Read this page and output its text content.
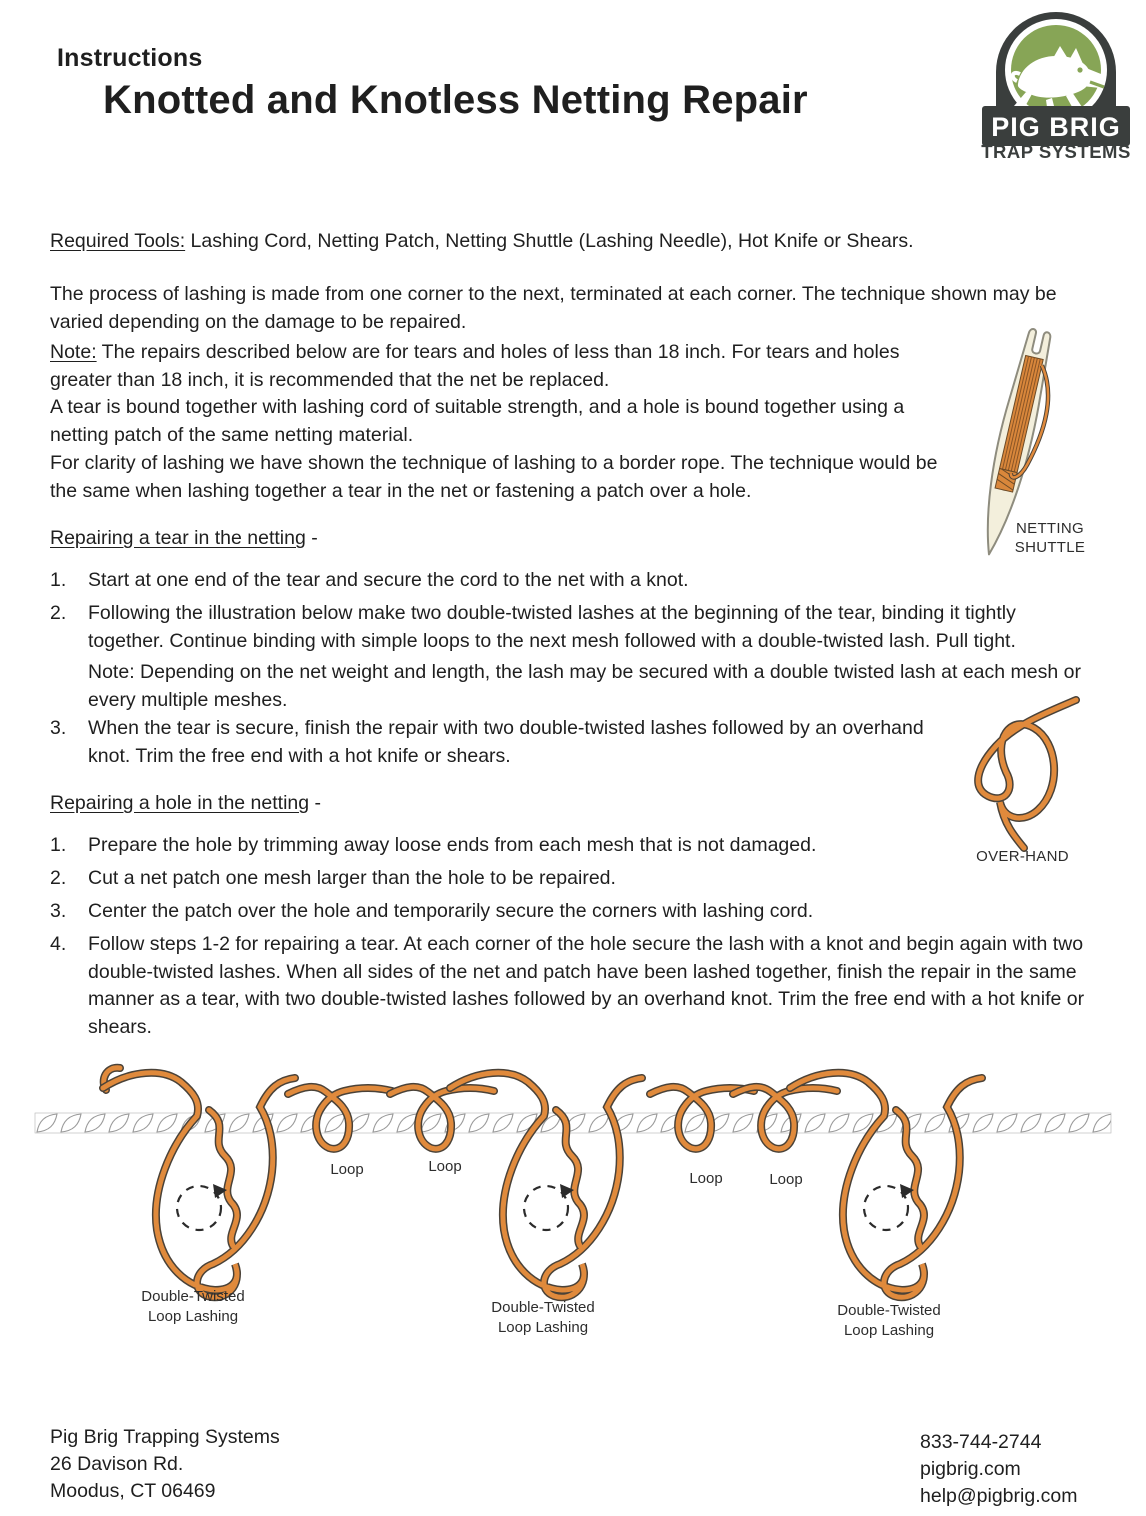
Instructions
Knotted and Knotless Netting Repair
PIG BRIG
TRAP SYSTEMS
Required Tools: Lashing Cord, Netting Patch, Netting Shuttle (Lashing Needle), Hot Knife or Shears.
The process of lashing is made from one corner to the next, terminated at each corner. The technique shown may be varied depending on the damage to be repaired.
Note: The repairs described below are for tears and holes of less than 18 inch. For tears and holes greater than 18 inch, it is recommended that the net be replaced.
A tear is bound together with lashing cord of suitable strength, and a hole is bound together using a netting patch of the same netting material.
For clarity of lashing we have shown the technique of lashing to a border rope. The technique would be the same when lashing together a tear in the net or fastening a patch over a hole.
NETTING
SHUTTLE
Repairing a tear in the netting -
1.	Start at one end of the tear and secure the cord to the net with a knot.
2.	Following the illustration below make two double-twisted lashes at the beginning of the tear, binding it tightly together. Continue binding with simple loops to the next mesh followed with a double-twisted lash. Pull tight.
Note: Depending on the net weight and length, the lash may be secured with a double twisted lash at each mesh or every multiple meshes.
3.	When the tear is secure, finish the repair with two double-twisted lashes followed by an overhand knot. Trim the free end with a hot knife or shears.
OVER-HAND
Repairing a hole in the netting -
1.	Prepare the hole by trimming away loose ends from each mesh that is not damaged.
2.	Cut a net patch one mesh larger than the hole to be repaired.
3.	Center the patch over the hole and temporarily secure the corners with lashing cord.
4.	Follow steps 1-2 for repairing a tear. At each corner of the hole secure the lash with a knot and begin again with two double-twisted lashes. When all sides of the net and patch have been lashed together, finish the repair in the same manner as a tear, with two double-twisted lashes followed by an overhand knot. Trim the free end with a hot knife or shears.
Loop	Loop
Loop	Loop
Double-Twisted
Loop Lashing
Double-Twisted
Loop Lashing
Double-Twisted
Loop Lashing
Pig Brig Trapping Systems
26 Davison Rd.
Moodus, CT 06469
833-744-2744
pigbrig.com
help@pigbrig.com
